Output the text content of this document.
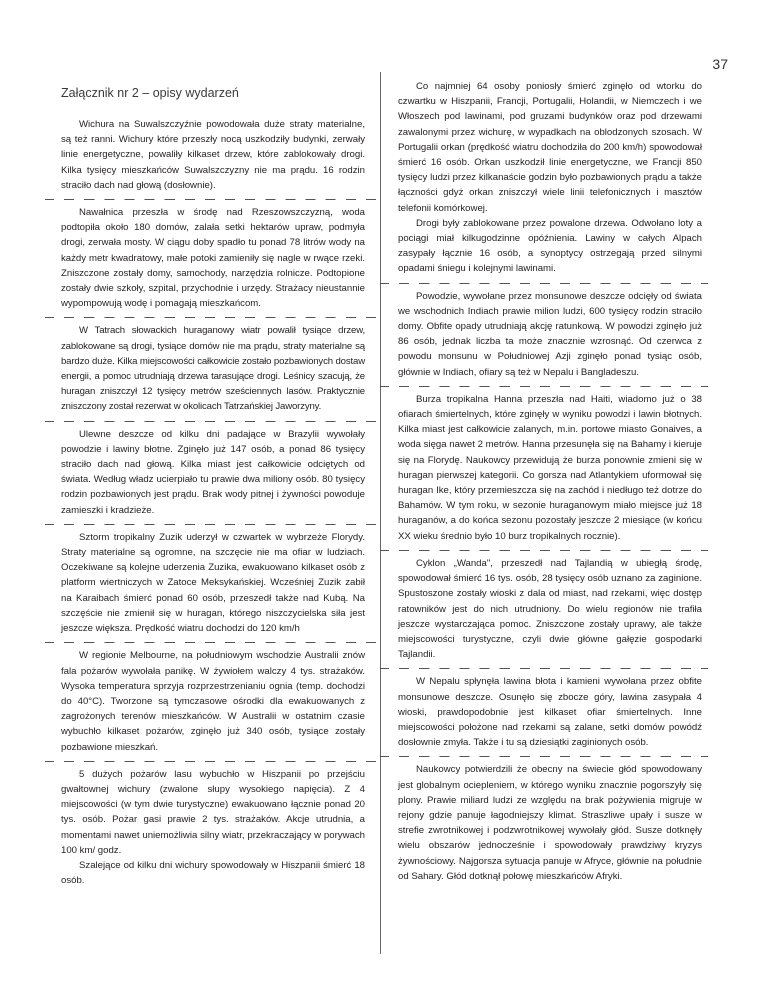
37
Załącznik nr 2 – opisy wydarzeń

Wichura na Suwalszczyźnie powodowała duże straty materialne, są też ranni. Wichury które przeszły nocą uszkodziły budynki, zerwały linie energetyczne, powaliły kilkaset drzew, które zablokowały drogi. Kilka tysięcy mieszkańców Suwalszczyzny nie ma prądu. 16 rodzin straciło dach nad głową (dosłownie).

Nawałnica przeszła w środę nad Rzeszowszczyzną, woda podtopiła około 180 domów, zalała setki hektarów upraw, podmyła drogi, zerwała mosty. W ciągu doby spadło tu ponad 78 litrów wody na każdy metr kwadratowy, małe potoki zamieniły się nagle w rwące rzeki. Zniszczone zostały domy, samochody, narzędzia rolnicze. Podtopione zostały dwie szkoły, szpital, przychodnie i urzędy. Strażacy nieustannie wypompowują wodę i pomagają mieszkańcom.

W Tatrach słowackich huraganowy wiatr powalił tysiące drzew, zablokowane są drogi, tysiące domów nie ma prądu, straty materialne są bardzo duże. Kilka miejscowości całkowicie zostało pozbawionych dostaw energii, a pomoc utrudniają drzewa tarasujące drogi. Leśnicy szacują, że huragan zniszczył 12 tysięcy metrów sześciennych lasów. Praktycznie zniszczony został rezerwat w okolicach Tatrzańskiej Jaworzyny.

Ulewne deszcze od kilku dni padające w Brazylii wywołały powodzie i lawiny błotne. Zginęło już 147 osób, a ponad 86 tysięcy straciło dach nad głową. Kilka miast jest całkowicie odciętych od świata. Według władz ucierpiało tu prawie dwa miliony osób. 80 tysięcy rodzin pozbawionych jest prądu. Brak wody pitnej i żywności powoduje zamieszki i kradzieże.

Sztorm tropikalny Zuzik uderzył w czwartek w wybrzeże Florydy. Straty materialne są ogromne, na szczęcie nie ma ofiar w ludziach. Oczekiwane są kolejne uderzenia Zuzika, ewakuowano kilkaset osób z platform wiertniczych w Zatoce Meksykańskiej. Wcześniej Zuzik zabił na Karaibach śmierć ponad 60 osób, przeszedł także nad Kubą. Na szczęście nie zmienił się w huragan, którego niszczycielska siła jest jeszcze większa. Prędkość wiatru dochodzi do 120 km/h

W regionie Melbourne, na południowym wschodzie Australii znów fala pożarów wywołała panikę. W żywiołem walczy 4 tys. strażaków. Wysoka temperatura sprzyja rozprzestrzenianiu ognia (temp. dochodzi do 40°C). Tworzone są tymczasowe ośrodki dla ewakuowanych z zagrożonych terenów mieszkańców. W Australii w ostatnim czasie wybuchło kilkaset pożarów, zginęło już 340 osób, tysiące zostały pozbawione mieszkań.

5 dużych pożarów lasu wybuchło w Hiszpanii po przejściu gwałtownej wichury (zwalone słupy wysokiego napięcia). Z 4 miejscowości (w tym dwie turystyczne) ewakuowano łącznie ponad 20 tys. osób. Pożar gasi prawie 2 tys. strażaków. Akcje utrudnia, a momentami nawet uniemożliwia silny wiatr, przekraczający w porywach 100 km/ godz.

Szalejące od kilku dni wichury spowodowały w Hiszpanii śmierć 18 osób.

Co najmniej 64 osoby poniosły śmierć zginęło od wtorku do czwartku w Hiszpanii, Francji, Portugalii, Holandii, w Niemczech i we Włoszech pod lawinami, pod gruzami budynków oraz pod drzewami zawalonymi przez wichurę, w wypadkach na oblodzonych szosach. W Portugalii orkan (prędkość wiatru dochodziła do 200 km/h) spowodował śmierć 16 osób. Orkan uszkodził linie energetyczne, we Francji 850 tysięcy ludzi przez kilkanaście godzin było pozbawionych prądu a także łączności gdyż orkan zniszczył wiele linii telefonicznych i masztów telefonii komórkowej.

Drogi były zablokowane przez powalone drzewa. Odwołano loty a pociągi miał kilkugodzinne opóźnienia. Lawiny w całych Alpach zasypały łącznie 16 osób, a synoptycy ostrzegają przed silnymi opadami śniegu i kolejnymi lawinami.

Powodzie, wywołane przez monsunowe deszcze odcięły od świata we wschodnich Indiach prawie milion ludzi, 600 tysięcy rodzin straciło domy. Obfite opady utrudniają akcję ratunkową. W powodzi zginęło już 86 osób, jednak liczba ta może znacznie wzrosnąć. Od czerwca z powodu monsunu w Południowej Azji zginęło ponad tysiąc osób, głównie w Indiach, ofiary są też w Nepalu i Bangladeszu.

Burza tropikalna Hanna przeszła nad Haiti, wiadomo już o 38 ofiarach śmiertelnych, które zginęły w wyniku powodzi i lawin błotnych. Kilka miast jest całkowicie zalanych, m.in. portowe miasto Gonaives, a woda sięga nawet 2 metrów. Hanna przesunęła się na Bahamy i kieruje się na Florydę. Naukowcy przewidują że burza ponownie zmieni się w huragan pierwszej kategorii. Co gorsza nad Atlantykiem uformował się huragan Ike, który przemieszcza się na zachód i niedługo też dotrze do Bahamów. W tym roku, w sezonie huraganowym miało miejsce już 18 huraganów, a do końca sezonu pozostały jeszcze 2 miesiące (w końcu XX wieku średnio było 10 burz tropikalnych rocznie).

Cyklon „Wanda", przeszedł nad Tajlandią w ubiegłą środę, spowodował śmierć 16 tys. osób, 28 tysięcy osób uznano za zaginione. Spustoszone zostały wioski z dala od miast, nad rzekami, więc dostęp ratowników jest do nich utrudniony. Do wielu regionów nie trafiła jeszcze wystarczająca pomoc. Zniszczone zostały uprawy, ale także miejscowości turystyczne, czyli dwie główne gałęzie gospodarki Tajlandii.

W Nepalu spłynęła lawina błota i kamieni wywołana przez obfite monsunowe deszcze. Osunęło się zbocze góry, lawina zasypała 4 wioski, prawdopodobnie jest kilkaset ofiar śmiertelnych. Inne miejscowości położone nad rzekami są zalane, setki domów powódź dosłownie zmyła. Także i tu są dziesiątki zaginionych osób.

Naukowcy potwierdzili że obecny na świecie głód spowodowany jest globalnym ociepleniem, w którego wyniku znacznie pogorszyły się plony. Prawie miliard ludzi ze względu na brak pożywienia migruje w rejony gdzie panuje łagodniejszy klimat. Straszliwe upały i susze w strefie zwrotnikowej i podzwrotnikowej wywołały głód. Susze dotknęły wielu obszarów jednocześnie i spowodowały prawdziwy kryzys żywnościowy. Najgorsza sytuacja panuje w Afryce, głównie na południe od Sahary. Głód dotknął połowę mieszkańców Afryki.
